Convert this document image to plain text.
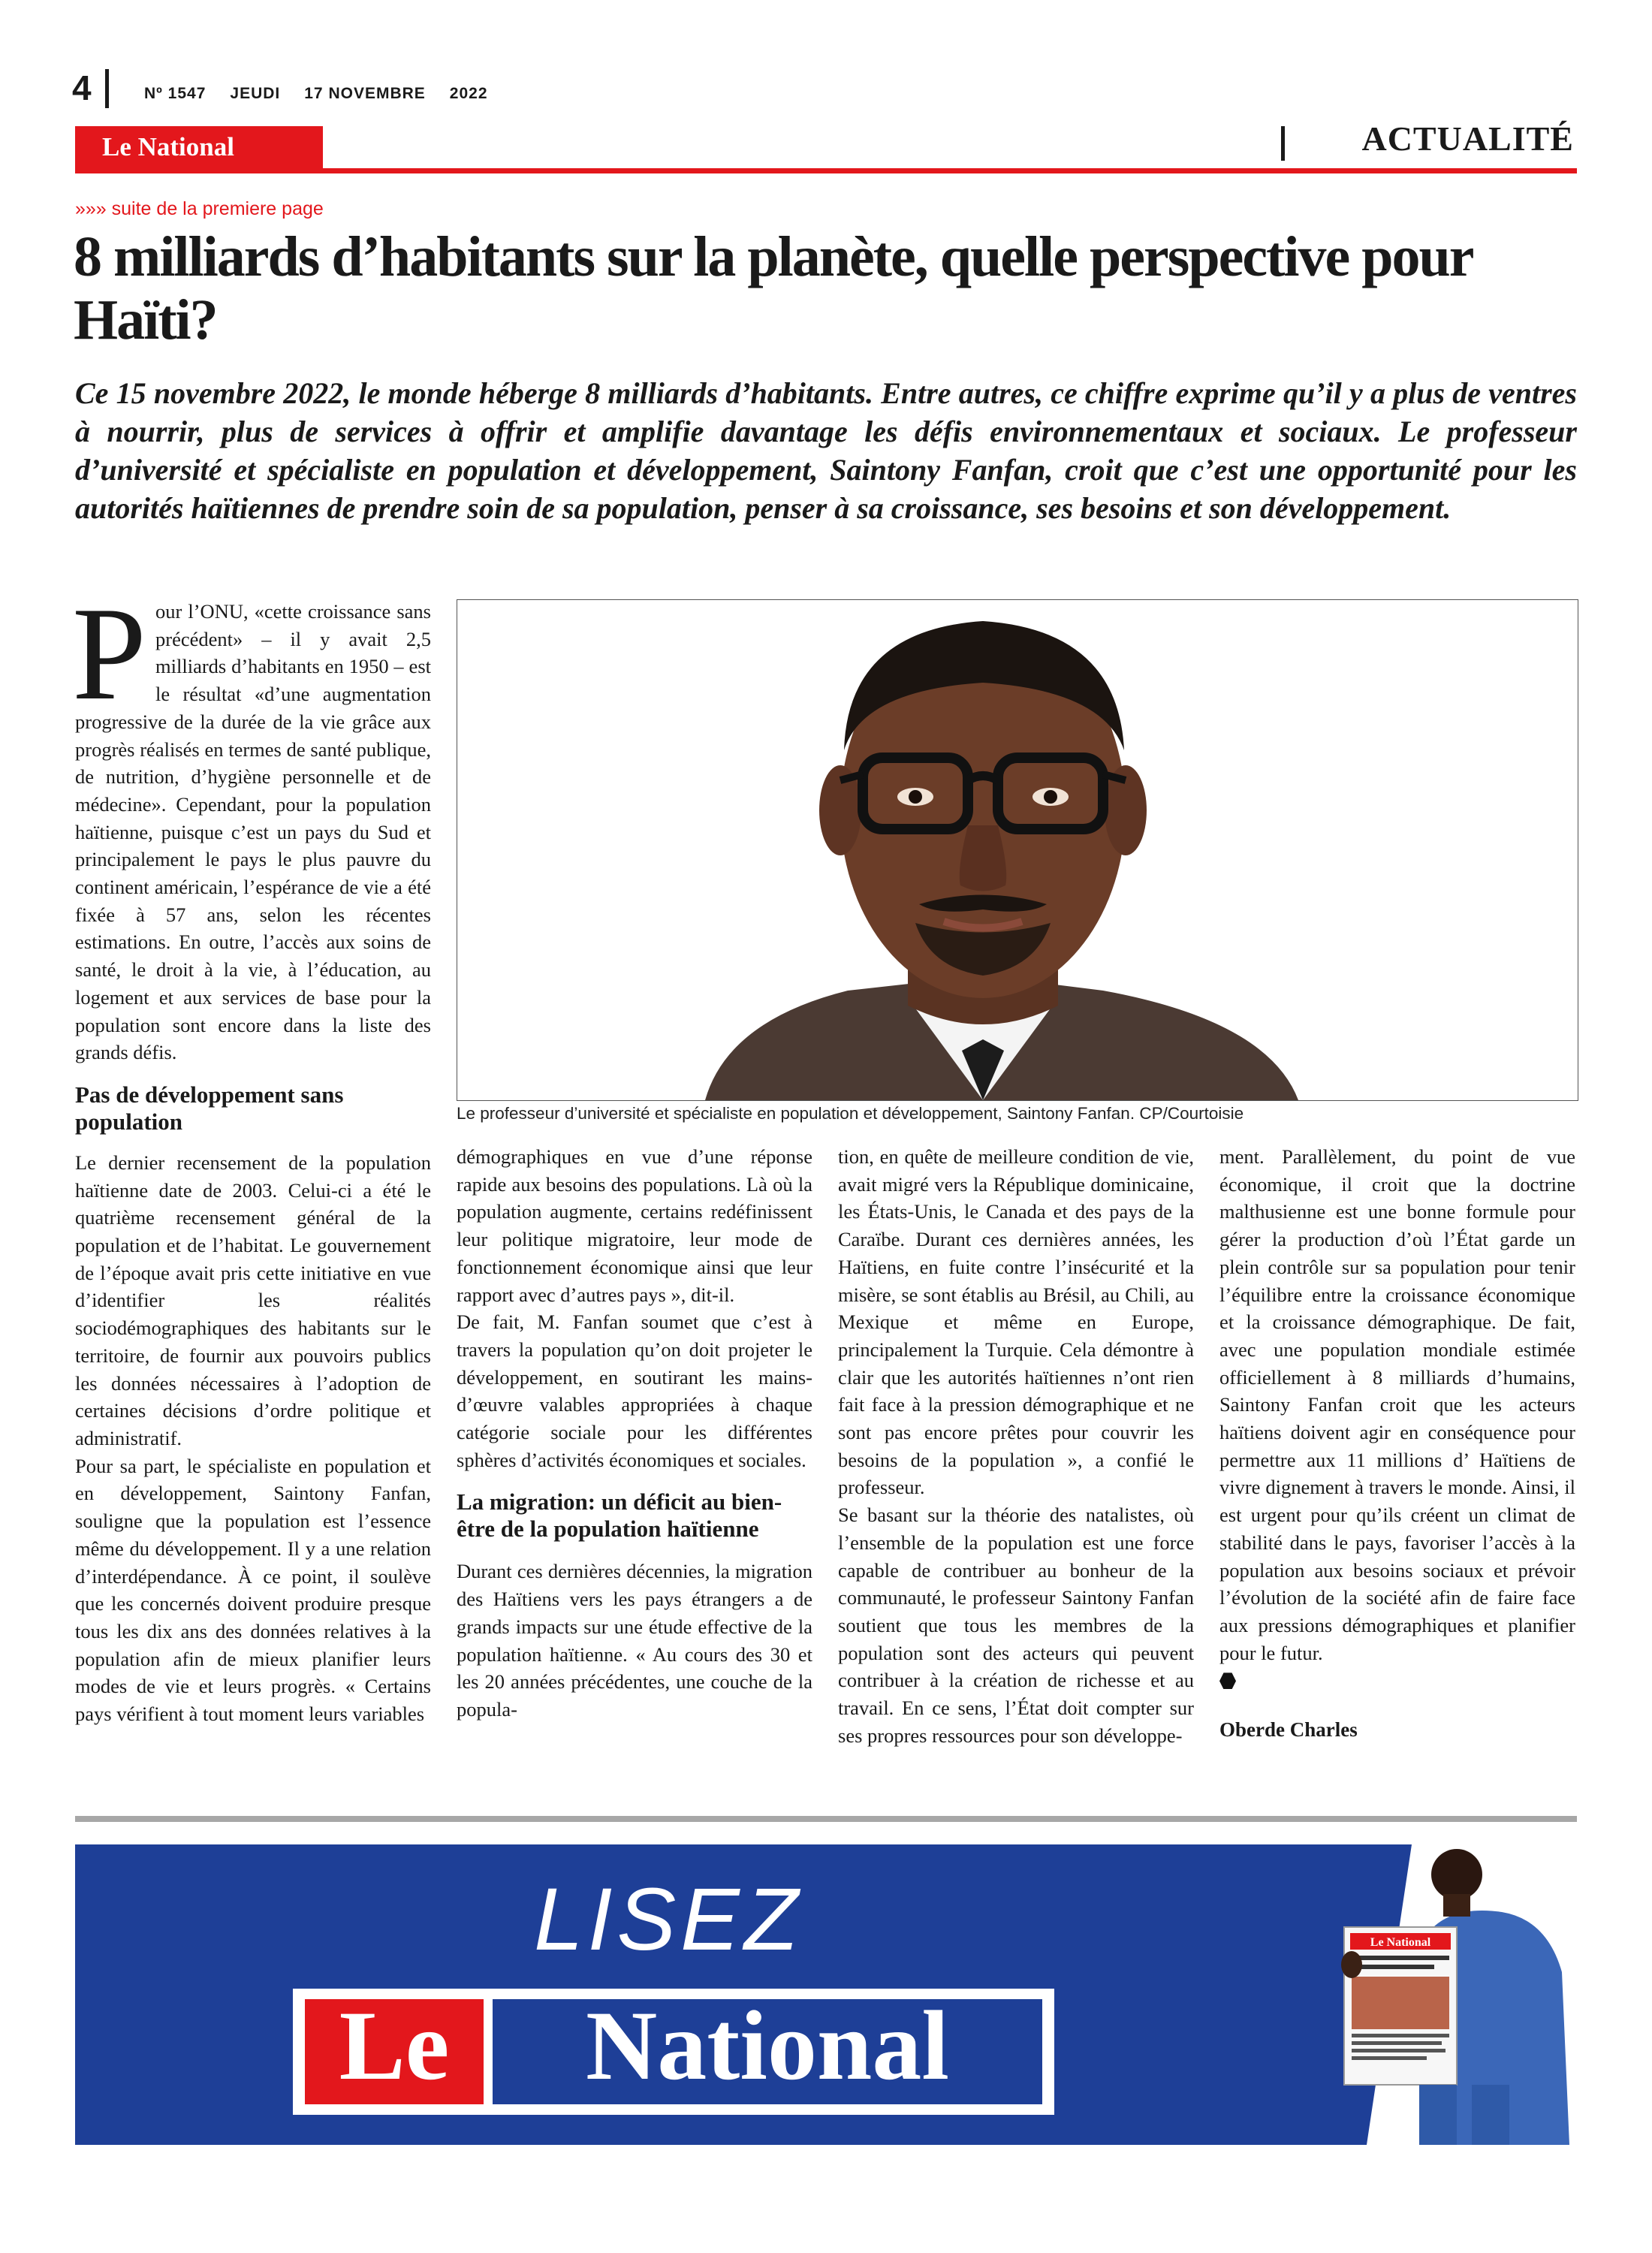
4	Nº 1547 JEUDI 17 NOVEMBRE 2022
Le National	ACTUALITÉ
»»» suite de la premiere page
8 milliards d’habitants sur la planète, quelle perspective pour Haïti?
Ce 15 novembre 2022, le monde héberge 8 milliards d’habitants. Entre autres, ce chiffre exprime qu’il y a plus de ventres à nourrir, plus de services à offrir et amplifie davantage les défis environnementaux et sociaux. Le professeur d’université et spécialiste en population et développement, Saintony Fanfan, croit que c’est une opportunité pour les autorités haïtiennes de prendre soin de sa population, penser à sa croissance, ses besoins et son développement.
P our l’ONU, «cette croissance sans précédent» – il y avait 2,5 milliards d’habitants en 1950 – est le résultat «d’une augmentation progressive de la durée de la vie grâce aux progrès réalisés en termes de santé publique, de nutrition, d’hygiène personnelle et de médecine». Cependant, pour la population haïtienne, puisque c’est un pays du Sud et principalement le pays le plus pauvre du continent américain, l’espérance de vie a été fixée à 57 ans, selon les récentes estimations. En outre, l’accès aux soins de santé, le droit à la vie, à l’éducation, au logement et aux services de base pour la population sont encore dans la liste des grands défis.

Pas de développement sans population

Le dernier recensement de la population haïtienne date de 2003. Celui-ci a été le quatrième recensement général de la population et de l’habitat. Le gouvernement de l’époque avait pris cette initiative en vue d’identifier les réalités sociodémographiques des habitants sur le territoire, de fournir aux pouvoirs publics les données nécessaires à l’adoption de certaines décisions d’ordre politique et administratif.

Pour sa part, le spécialiste en population et en développement, Saintony Fanfan, souligne que la population est l’essence même du développement. Il y a une relation d’interdépendance. À ce point, il soulève que les concernés doivent produire presque tous les dix ans des données relatives à la population afin de mieux planifier leurs modes de vie et leurs progrès. « Certains pays vérifient à tout moment leurs variables

Le professeur d’université et spécialiste en population et développement, Saintony Fanfan. CP/Courtoisie

démographiques en vue d’une réponse rapide aux besoins des populations. Là où la population augmente, certains redéfinissent leur politique migratoire, leur mode de fonctionnement économique ainsi que leur rapport avec d’autres pays », dit-il.

De fait, M. Fanfan soumet que c’est à travers la population qu’on doit projeter le développement, en soutirant les mains-d’œuvre valables appropriées à chaque catégorie sociale pour les différentes sphères d’activités économiques et sociales.

La migration: un déficit au bien-être de la population haïtienne

Durant ces dernières décennies, la migration des Haïtiens vers les pays étrangers a de grands impacts sur une étude effective de la population haïtienne. « Au cours des 30 et les 20 années précédentes, une couche de la popula-

tion, en quête de meilleure condition de vie, avait migré vers la République dominicaine, les États-Unis, le Canada et des pays de la Caraïbe. Durant ces dernières années, les Haïtiens, en fuite contre l’insécurité et la misère, se sont établis au Brésil, au Chili, au Mexique et même en Europe, principalement la Turquie. Cela démontre à clair que les autorités haïtiennes n’ont rien fait face à la pression démographique et ne sont pas encore prêtes pour couvrir les besoins de la population », a confié le professeur.

Se basant sur la théorie des natalistes, où l’ensemble de la population est une force capable de contribuer au bonheur de la communauté, le professeur Saintony Fanfan soutient que tous les membres de la population sont des acteurs qui peuvent contribuer à la création de richesse et au travail. En ce sens, l’État doit compter sur ses propres ressources pour son développe-

ment. Parallèlement, du point de vue économique, il croit que la doctrine malthusienne est une bonne formule pour gérer la production d’où l’État garde un plein contrôle sur sa population pour tenir l’équilibre entre la croissance économique et la croissance démographique. De fait, avec une population mondiale estimée officiellement à 8 milliards d’humains, Saintony Fanfan croit que les acteurs haïtiens doivent agir en conséquence pour permettre aux 11 millions d’ Haïtiens de vivre dignement à travers le monde. Ainsi, il est urgent pour qu’ils créent un climat de stabilité dans le pays, favoriser l’accès à la population aux besoins sociaux et prévoir l’évolution de la société afin de faire face aux pressions démographiques et planifier pour le futur.

Oberde Charles
LISEZ
Le National
Le National
